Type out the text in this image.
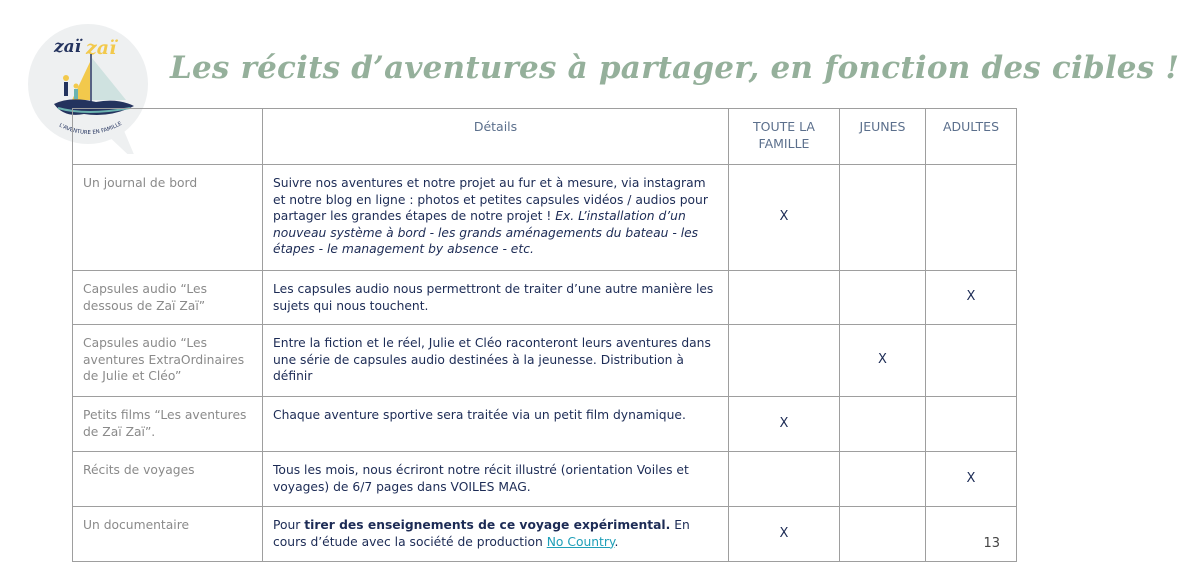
zaï zaï
L'AVENTURE EN FAMILLE
Les récits d’aventures à partager, en fonction des cibles !
	Détails	TOUTE LA FAMILLE	JEUNES	ADULTES
Un journal de bord	Suivre nos aventures et notre projet au fur et à mesure, via instagram et notre blog en ligne : photos et petites capsules vidéos / audios pour partager les grandes étapes de notre projet ! Ex. L’installation d’un nouveau système à bord - les grands aménagements du bateau - les étapes - le management by absence - etc.	X		
Capsules audio “Les dessous de Zaï Zaï”	Les capsules audio nous permettront de traiter d’une autre manière les sujets qui nous touchent.			X
Capsules audio “Les aventures ExtraOrdinaires de Julie et Cléo”	Entre la fiction et le réel, Julie et Cléo raconteront leurs aventures dans une série de capsules audio destinées à la jeunesse. Distribution à définir		X	
Petits films “Les aventures de Zaï Zaï”.	Chaque aventure sportive sera traitée via un petit film dynamique.	X		
Récits de voyages	Tous les mois, nous écriront notre récit illustré (orientation Voiles et voyages) de 6/7 pages dans VOILES MAG.			X
Un documentaire	Pour tirer des enseignements de ce voyage expérimental. En cours d’étude avec la société de production No Country.	X		
13
